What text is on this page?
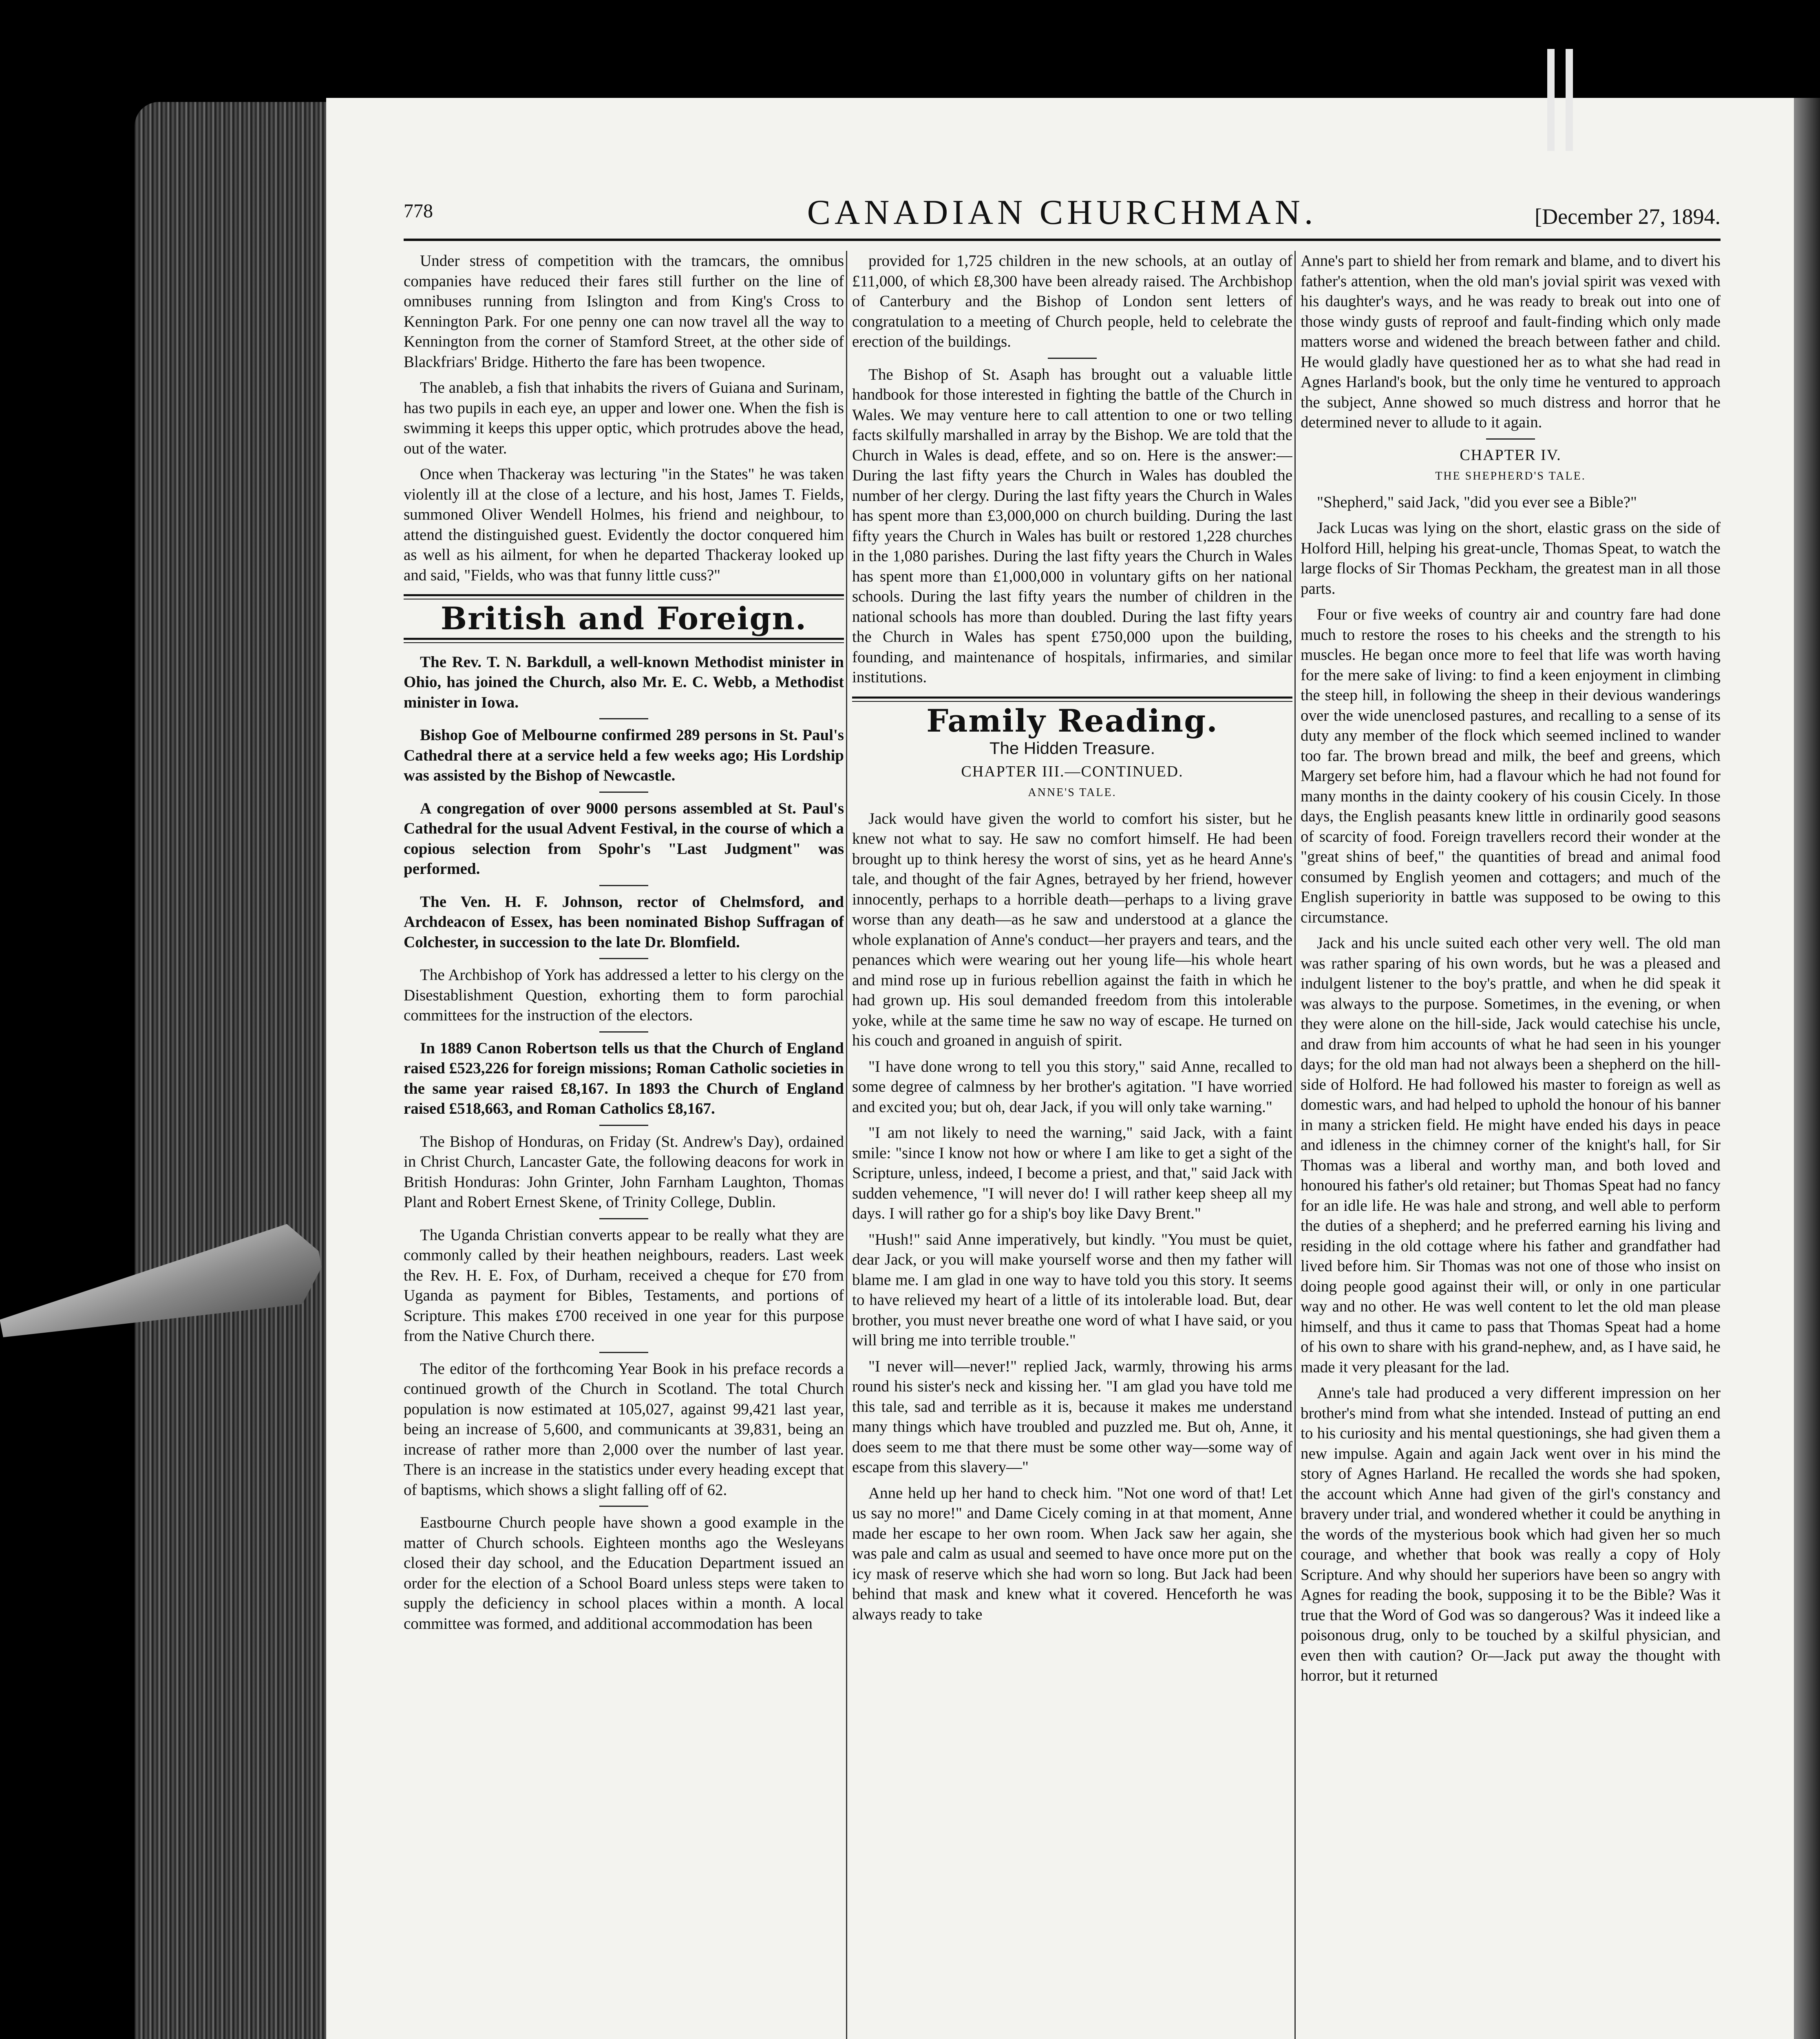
778	CANADIAN CHURCHMAN.	[December 27, 1894.

Under stress of competition with the tramcars, the omnibus companies have reduced their fares still further on the line of omnibuses running from Islington and from King's Cross to Kennington Park. For one penny one can now travel all the way to Kennington from the corner of Stamford Street, at the other side of Blackfriars' Bridge. Hitherto the fare has been twopence.

The anableb, a fish that inhabits the rivers of Guiana and Surinam, has two pupils in each eye, an upper and lower one. When the fish is swimming it keeps this upper optic, which protrudes above the head, out of the water.

Once when Thackeray was lecturing "in the States" he was taken violently ill at the close of a lecture, and his host, James T. Fields, summoned Oliver Wendell Holmes, his friend and neighbour, to attend the distinguished guest. Evidently the doctor conquered him as well as his ailment, for when he departed Thackeray looked up and said, "Fields, who was that funny little cuss?"

British and Foreign.

The Rev. T. N. Barkdull, a well-known Methodist minister in Ohio, has joined the Church, also Mr. E. C. Webb, a Methodist minister in Iowa.

Bishop Goe of Melbourne confirmed 289 persons in St. Paul's Cathedral there at a service held a few weeks ago; His Lordship was assisted by the Bishop of Newcastle.

A congregation of over 9000 persons assembled at St. Paul's Cathedral for the usual Advent Festival, in the course of which a copious selection from Spohr's "Last Judgment" was performed.

The Ven. H. F. Johnson, rector of Chelmsford, and Archdeacon of Essex, has been nominated Bishop Suffragan of Colchester, in succession to the late Dr. Blomfield.

The Archbishop of York has addressed a letter to his clergy on the Disestablishment Question, exhorting them to form parochial committees for the instruction of the electors.

In 1889 Canon Robertson tells us that the Church of England raised £523,226 for foreign missions; Roman Catholic societies in the same year raised £8,167. In 1893 the Church of England raised £518,663, and Roman Catholics £8,167.

The Bishop of Honduras, on Friday (St. Andrew's Day), ordained in Christ Church, Lancaster Gate, the following deacons for work in British Honduras: John Grinter, John Farnham Laughton, Thomas Plant and Robert Ernest Skene, of Trinity College, Dublin.

The Uganda Christian converts appear to be really what they are commonly called by their heathen neighbours, readers. Last week the Rev. H. E. Fox, of Durham, received a cheque for £70 from Uganda as payment for Bibles, Testaments, and portions of Scripture. This makes £700 received in one year for this purpose from the Native Church there.

The editor of the forthcoming Year Book in his preface records a continued growth of the Church in Scotland. The total Church population is now estimated at 105,027, against 99,421 last year, being an increase of 5,600, and communicants at 39,831, being an increase of rather more than 2,000 over the number of last year. There is an increase in the statistics under every heading except that of baptisms, which shows a slight falling off of 62.

Eastbourne Church people have shown a good example in the matter of Church schools. Eighteen months ago the Wesleyans closed their day school, and the Education Department issued an order for the election of a School Board unless steps were taken to supply the deficiency in school places within a month. A local committee was formed, and additional accommodation has been

provided for 1,725 children in the new schools, at an outlay of £11,000, of which £8,300 have been already raised. The Archbishop of Canterbury and the Bishop of London sent letters of congratulation to a meeting of Church people, held to celebrate the erection of the buildings.

The Bishop of St. Asaph has brought out a valuable little handbook for those interested in fighting the battle of the Church in Wales. We may venture here to call attention to one or two telling facts skilfully marshalled in array by the Bishop. We are told that the Church in Wales is dead, effete, and so on. Here is the answer:— During the last fifty years the Church in Wales has doubled the number of her clergy. During the last fifty years the Church in Wales has spent more than £3,000,000 on church building. During the last fifty years the Church in Wales has built or restored 1,228 churches in the 1,080 parishes. During the last fifty years the Church in Wales has spent more than £1,000,000 in voluntary gifts on her national schools. During the last fifty years the number of children in the national schools has more than doubled. During the last fifty years the Church in Wales has spent £750,000 upon the building, founding, and maintenance of hospitals, infirmaries, and similar institutions.

Family Reading.
The Hidden Treasure.
CHAPTER III.—CONTINUED.
ANNE'S TALE.

Jack would have given the world to comfort his sister, but he knew not what to say. He saw no comfort himself. He had been brought up to think heresy the worst of sins, yet as he heard Anne's tale, and thought of the fair Agnes, betrayed by her friend, however innocently, perhaps to a horrible death—perhaps to a living grave worse than any death—as he saw and understood at a glance the whole explanation of Anne's conduct—her prayers and tears, and the penances which were wearing out her young life—his whole heart and mind rose up in furious rebellion against the faith in which he had grown up. His soul demanded freedom from this intolerable yoke, while at the same time he saw no way of escape. He turned on his couch and groaned in anguish of spirit.

"I have done wrong to tell you this story," said Anne, recalled to some degree of calmness by her brother's agitation. "I have worried and excited you; but oh, dear Jack, if you will only take warning."

"I am not likely to need the warning," said Jack, with a faint smile: "since I know not how or where I am like to get a sight of the Scripture, unless, indeed, I become a priest, and that," said Jack with sudden vehemence, "I will never do! I will rather keep sheep all my days. I will rather go for a ship's boy like Davy Brent."

"Hush!" said Anne imperatively, but kindly. "You must be quiet, dear Jack, or you will make yourself worse and then my father will blame me. I am glad in one way to have told you this story. It seems to have relieved my heart of a little of its intolerable load. But, dear brother, you must never breathe one word of what I have said, or you will bring me into terrible trouble."

"I never will—never!" replied Jack, warmly, throwing his arms round his sister's neck and kissing her. "I am glad you have told me this tale, sad and terrible as it is, because it makes me understand many things which have troubled and puzzled me. But oh, Anne, it does seem to me that there must be some other way—some way of escape from this slavery—"

Anne held up her hand to check him. "Not one word of that! Let us say no more!" and Dame Cicely coming in at that moment, Anne made her escape to her own room. When Jack saw her again, she was pale and calm as usual and seemed to have once more put on the icy mask of reserve which she had worn so long. But Jack had been behind that mask and knew what it covered. Henceforth he was always ready to take

Anne's part to shield her from remark and blame, and to divert his father's attention, when the old man's jovial spirit was vexed with his daughter's ways, and he was ready to break out into one of those windy gusts of reproof and fault-finding which only made matters worse and widened the breach between father and child. He would gladly have questioned her as to what she had read in Agnes Harland's book, but the only time he ventured to approach the subject, Anne showed so much distress and horror that he determined never to allude to it again.

CHAPTER IV.
THE SHEPHERD'S TALE.

"Shepherd," said Jack, "did you ever see a Bible?"

Jack Lucas was lying on the short, elastic grass on the side of Holford Hill, helping his great-uncle, Thomas Speat, to watch the large flocks of Sir Thomas Peckham, the greatest man in all those parts.

Four or five weeks of country air and country fare had done much to restore the roses to his cheeks and the strength to his muscles. He began once more to feel that life was worth having for the mere sake of living: to find a keen enjoyment in climbing the steep hill, in following the sheep in their devious wanderings over the wide unenclosed pastures, and recalling to a sense of its duty any member of the flock which seemed inclined to wander too far. The brown bread and milk, the beef and greens, which Margery set before him, had a flavour which he had not found for many months in the dainty cookery of his cousin Cicely. In those days, the English peasants knew little in ordinarily good seasons of scarcity of food. Foreign travellers record their wonder at the "great shins of beef," the quantities of bread and animal food consumed by English yeomen and cottagers; and much of the English superiority in battle was supposed to be owing to this circumstance.

Jack and his uncle suited each other very well. The old man was rather sparing of his own words, but he was a pleased and indulgent listener to the boy's prattle, and when he did speak it was always to the purpose. Sometimes, in the evening, or when they were alone on the hill-side, Jack would catechise his uncle, and draw from him accounts of what he had seen in his younger days; for the old man had not always been a shepherd on the hill-side of Holford. He had followed his master to foreign as well as domestic wars, and had helped to uphold the honour of his banner in many a stricken field. He might have ended his days in peace and idleness in the chimney corner of the knight's hall, for Sir Thomas was a liberal and worthy man, and both loved and honoured his father's old retainer; but Thomas Speat had no fancy for an idle life. He was hale and strong, and well able to perform the duties of a shepherd; and he preferred earning his living and residing in the old cottage where his father and grandfather had lived before him. Sir Thomas was not one of those who insist on doing people good against their will, or only in one particular way and no other. He was well content to let the old man please himself, and thus it came to pass that Thomas Speat had a home of his own to share with his grand-nephew, and, as I have said, he made it very pleasant for the lad.

Anne's tale had produced a very different impression on her brother's mind from what she intended. Instead of putting an end to his curiosity and his mental questionings, she had given them a new impulse. Again and again Jack went over in his mind the story of Agnes Harland. He recalled the words she had spoken, the account which Anne had given of the girl's constancy and bravery under trial, and wondered whether it could be anything in the words of the mysterious book which had given her so much courage, and whether that book was really a copy of Holy Scripture. And why should her superiors have been so angry with Agnes for reading the book, supposing it to be the Bible? Was it true that the Word of God was so dangerous? Was it indeed like a poisonous drug, only to be touched by a skilful physician, and even then with caution? Or—Jack put away the thought with horror, but it returned
